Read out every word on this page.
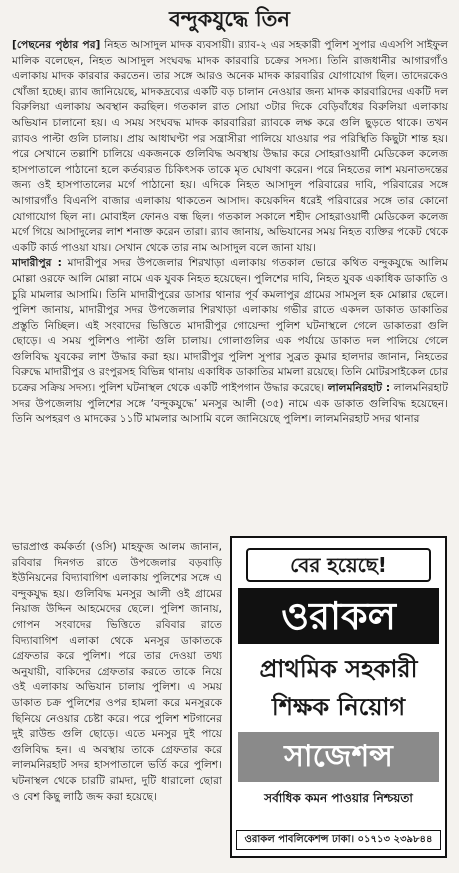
বন্দুকযুদ্ধে তিন

[পেছনের পৃষ্ঠার পর] নিহত আসাদুল মাদক ব্যবসায়ী। র‍্যাব-২ এর সহকারী পুলিশ সুপার এএসপি সাইফুল মালিক বলেছেন, নিহত আসাদুল সংঘবদ্ধ মাদক কারবারি চক্রের সদস্য। তিনি রাজধানীর আগারগাঁও এলাকায় মাদক কারবার করতেন। তার সঙ্গে আরও অনেক মাদক কারবারির যোগাযোগ ছিল। তাদেরকেও খোঁজা হচ্ছে। র‍্যাব জানিয়েছে, মাদকদ্রব্যের একটি বড় চালান নেওয়ার জন্য মাদক কারবারিদের একটি দল বিরুলিয়া এলাকায় অবস্থান করছিল। গতকাল রাত সোয়া ৩টার দিকে বেড়িবাঁধের বিরুলিয়া এলাকায় অভিযান চালানো হয়। এ সময় সংঘবদ্ধ মাদক কারবারিরা র‍্যাবকে লক্ষ করে গুলি ছুড়তে থাকে। তখন র‍্যাবও পাল্টা গুলি চালায়। প্রায় আধাঘণ্টা পর সন্ত্রাসীরা পালিয়ে যাওয়ার পর পরিস্থিতি কিছুটা শান্ত হয়। পরে সেখানে তল্লাশি চালিয়ে একজনকে গুলিবিদ্ধ অবস্থায় উদ্ধার করে সোহরাওয়ার্দী মেডিকেল কলেজ হাসপাতালে পাঠানো হলে কর্তব্যরত চিকিৎসক তাকে মৃত ঘোষণা করেন। পরে নিহতের লাশ ময়নাতদন্তের জন্য ওই হাসপাতালের মর্গে পাঠানো হয়। এদিকে নিহত আসাদুল পরিবারের দাবি, পরিবারের সঙ্গে আগারগাঁও বিএনপি বাজার এলাকায় থাকতেন আসাদ। কয়েকদিন ধরেই পরিবারের সঙ্গে তার কোনো যোগাযোগ ছিল না। মোবাইল ফোনও বন্ধ ছিল। গতকাল সকালে শহীদ সোহরাওয়ার্দী মেডিকেল কলেজ মর্গে গিয়ে আসাদুলের লাশ শনাক্ত করেন তারা। র‍্যাব জানায়, অভিযানের সময় নিহত ব্যক্তির পকেট থেকে একটি কার্ড পাওয়া যায়। সেখান থেকে তার নাম আসাদুল বলে জানা যায়।

মাদারীপুর : মাদারীপুর সদর উপজেলার শিরখাড়া এলাকায় গতকাল ভোরে কথিত বন্দুকযুদ্ধে আলিম মোল্লা ওরফে আলি মোল্লা নামে এক যুবক নিহত হয়েছেন। পুলিশের দাবি, নিহত যুবক একাধিক ডাকাতি ও চুরি মামলার আসামি। তিনি মাদারীপুরের ডাসার থানার পূর্ব কমলাপুর গ্রামের সামসুল হক মোল্লার ছেলে। পুলিশ জানায়, মাদারীপুর সদর উপজেলার শিরখাড়া এলাকায় গভীর রাতে একদল ডাকাত ডাকাতির প্রস্তুতি নিচ্ছিল। এই সংবাদের ভিত্তিতে মাদারীপুর গোয়েন্দা পুলিশ ঘটনাস্থলে গেলে ডাকাতরা গুলি ছোড়ে। এ সময় পুলিশও পাল্টা গুলি চালায়। গোলাগুলির এক পর্যায়ে ডাকাত দল পালিয়ে গেলে গুলিবিদ্ধ যুবকের লাশ উদ্ধার করা হয়। মাদারীপুর পুলিশ সুপার সুব্রত কুমার হালদার জানান, নিহতের বিরুদ্ধে মাদারীপুর ও রংপুরসহ বিভিন্ন থানায় একাধিক ডাকাতির মামলা রয়েছে। তিনি মোটরসাইকেল চোর চক্রের সক্রিয় সদস্য। পুলিশ ঘটনাস্থল থেকে একটি পাইপগান উদ্ধার করেছে। লালমনিরহাট : লালমনিরহাট সদর উপজেলায় পুলিশের সঙ্গে ‘বন্দুকযুদ্ধে’ মনসুর আলী (৩৫) নামে এক ডাকাত গুলিবিদ্ধ হয়েছেন। তিনি অপহরণ ও মাদকের ১১টি মামলার আসামি বলে জানিয়েছে পুলিশ। লালমনিরহাট সদর থানার

ভারপ্রাপ্ত কর্মকর্তা (ওসি) মাহফুজ আলম জানান, রবিবার দিনগত রাতে উপজেলার বড়বাড়ি ইউনিয়নের বিদ্যাবাগিশ এলাকায় পুলিশের সঙ্গে এ বন্দুকযুদ্ধ হয়। গুলিবিদ্ধ মনসুর আলী ওই গ্রামের নিয়াজ উদ্দিন আহমেদের ছেলে। পুলিশ জানায়, গোপন সংবাদের ভিত্তিতে রবিবার রাতে বিদ্যাবাগিশ এলাকা থেকে মনসুর ডাকাতকে গ্রেফতার করে পুলিশ। পরে তার দেওয়া তথ্য অনুযায়ী, বাকিদের গ্রেফতার করতে তাকে নিয়ে ওই এলাকায় অভিযান চালায় পুলিশ। এ সময় ডাকাত চক্র পুলিশের ওপর হামলা করে মনসুরকে ছিনিয়ে নেওয়ার চেষ্টা করে। পরে পুলিশ শটগানের দুই রাউন্ড গুলি ছোড়ে। এতে মনসুর দুই পায়ে গুলিবিদ্ধ হন। এ অবস্থায় তাকে গ্রেফতার করে লালমনিরহাট সদর হাসপাতালে ভর্তি করে পুলিশ। ঘটনাস্থল থেকে চারটি রামদা, দুটি ধারালো ছোরা ও বেশ কিছু লাঠি জব্দ করা হয়েছে।
বের হয়েছে!
ওরাকল
প্রাথমিক সহকারী
শিক্ষক নিয়োগ
সাজেশন্স
সর্বাধিক কমন পাওয়ার নিশ্চয়তা
ওরাকল পাবলিকেশন্স ঢাকা। ০১৭১৩ ২৩৯৮৪৪
